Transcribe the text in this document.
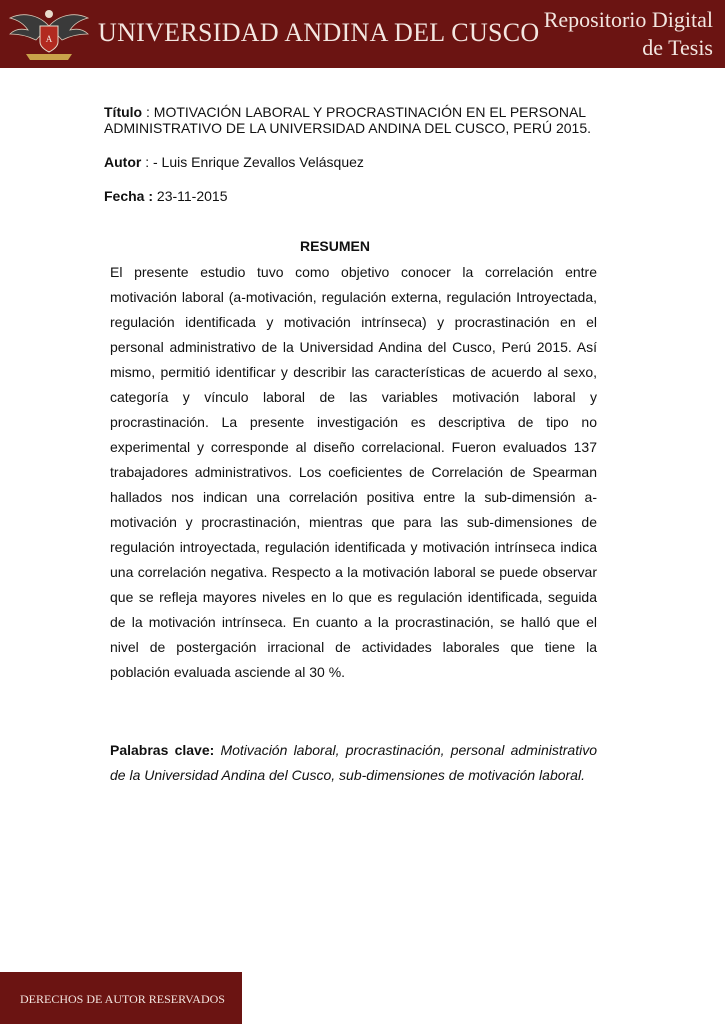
A UNIVERSIDAD ANDINA DEL CUSCO Repositorio Digital
de Tesis
Título : MOTIVACIÓN LABORAL Y PROCRASTINACIÓN EN EL PERSONAL ADMINISTRATIVO DE LA UNIVERSIDAD ANDINA DEL CUSCO, PERÚ 2015.
Autor : - Luis Enrique Zevallos Velásquez
Fecha : 23-11-2015
RESUMEN
El presente estudio tuvo como objetivo conocer la correlación entre motivación laboral (a-motivación, regulación externa, regulación Introyectada, regulación identificada y motivación intrínseca) y procrastinación en el personal administrativo de la Universidad Andina del Cusco, Perú 2015. Así mismo, permitió identificar y describir las características de acuerdo al sexo, categoría y vínculo laboral de las variables motivación laboral y procrastinación. La presente investigación es descriptiva de tipo no experimental y corresponde al diseño correlacional. Fueron evaluados 137 trabajadores administrativos. Los coeficientes de Correlación de Spearman hallados nos indican una correlación positiva entre la sub-dimensión a-motivación y procrastinación, mientras que para las sub-dimensiones de regulación introyectada, regulación identificada y motivación intrínseca indica una correlación negativa. Respecto a la motivación laboral se puede observar que se refleja mayores niveles en lo que es regulación identificada, seguida de la motivación intrínseca. En cuanto a la procrastinación, se halló que el nivel de postergación irracional de actividades laborales que tiene la población evaluada asciende al 30 %.
Palabras clave: Motivación laboral, procrastinación, personal administrativo de la Universidad Andina del Cusco, sub-dimensiones de motivación laboral.
DERECHOS DE AUTOR RESERVADOS
